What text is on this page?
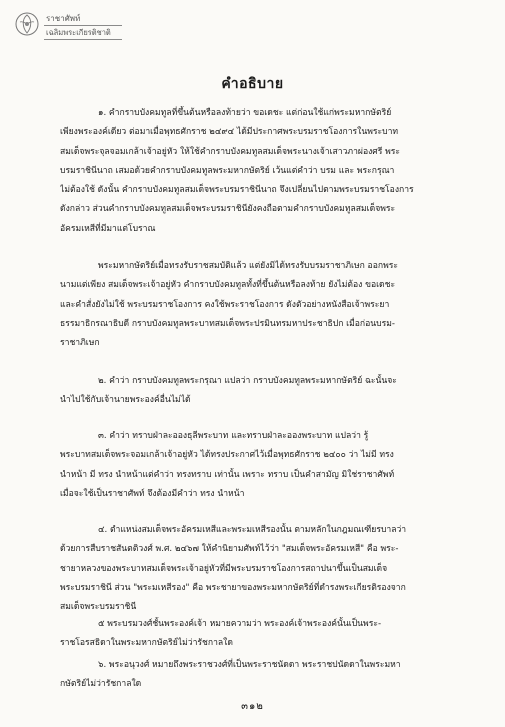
ราชาศัพท์
เฉลิมพระเกียรติชาติ
คำอธิบาย
๑. คำกราบบังคมทูลที่ขึ้นต้นหรือลงท้ายว่า ขอเดชะ แต่ก่อนใช้แก่พระมหากษัตริย์
เพียงพระองค์เดียว ต่อมาเมื่อพุทธศักราช ๒๔๙๔ ได้มีประกาศพระบรมราชโองการในพระบาท
สมเด็จพระจุลจอมเกล้าเจ้าอยู่หัว ให้ใช้คำกราบบังคมทูลสมเด็จพระนางเจ้าเสาวภาผ่องศรี พระ
บรมราชินีนาถ เสมอด้วยคำกราบบังคมทูลพระมหากษัตริย์ เว้นแต่คำว่า บรม และ พระกรุณา
ไม่ต้องใช้ ดังนั้น คำกราบบังคมทูลสมเด็จพระบรมราชินีนาถ จึงเปลี่ยนไปตามพระบรมราชโองการ
ดังกล่าว ส่วนคำกราบบังคมทูลสมเด็จพระบรมราชินียังคงถือตามคำกราบบังคมทูลสมเด็จพระ
อัครมเหสีที่มีมาแต่โบราณ
พระมหากษัตริย์เมื่อทรงรับราชสมบัติแล้ว แต่ยังมิได้ทรงรับบรมราชาภิเษก ออกพระ
นามแต่เพียง สมเด็จพระเจ้าอยู่หัว คำกราบบังคมทูลทั้งที่ขึ้นต้นหรือลงท้าย ยังไม่ต้อง ขอเดชะ
และคำสั่งยังไม่ใช้ พระบรมราชโองการ คงใช้พระราชโองการ ดังตัวอย่างหนังสือเจ้าพระยา
ธรรมาธิกรณาธิบดี กราบบังคมทูลพระบาทสมเด็จพระปรมินทรมหาประชาธิปก เมื่อก่อนบรม-
ราชาภิเษก
๒. คำว่า กราบบังคมทูลพระกรุณา แปลว่า กราบบังคมทูลพระมหากษัตริย์ ฉะนั้นจะ
นำไปใช้กับเจ้านายพระองค์อื่นไม่ได้
๓. คำว่า ทราบฝ่าละอองธุลีพระบาท และทราบฝ่าละอองพระบาท แปลว่า รู้
พระบาทสมเด็จพระจอมเกล้าเจ้าอยู่หัว ได้ทรงประกาศไว้เมื่อพุทธศักราช ๒๔๐๐ ว่า ไม่มี ทรง
นำหน้า มี ทรง นำหน้าแต่คำว่า ทรงทราบ เท่านั้น เพราะ ทราบ เป็นคำสามัญ มิใช่ราชาศัพท์
เมื่อจะใช้เป็นราชาศัพท์ จึงต้องมีคำว่า ทรง นำหน้า
๔. ตำแหน่งสมเด็จพระอัครมเหสีและพระมเหสีรองนั้น ตามหลักในกฎมณเฑียรบาลว่า
ด้วยการสืบราชสันตติวงศ์ พ.ศ. ๒๔๖๗ ให้คำนิยามศัพท์ไว้ว่า "สมเด็จพระอัครมเหสี" คือ พระ-
ชายาหลวงของพระบาทสมเด็จพระเจ้าอยู่หัวที่มีพระบรมราชโองการสถาปนาขึ้นเป็นสมเด็จ
พระบรมราชินี ส่วน "พระมเหสีรอง" คือ พระชายาของพระมหากษัตริย์ที่ดำรงพระเกียรติรองจาก
สมเด็จพระบรมราชินี
๕ พระบรมวงศ์ชั้นพระองค์เจ้า หมายความว่า พระองค์เจ้าพระองค์นั้นเป็นพระ-
ราชโอรสธิดาในพระมหากษัตริย์ไม่ว่ารัชกาลใด
๖. พระอนุวงศ์ หมายถึงพระราชวงศ์ที่เป็นพระราชนัดดา พระราชปนัดดาในพระมหา
กษัตริย์ไม่ว่ารัชกาลใด
๓๑๒
